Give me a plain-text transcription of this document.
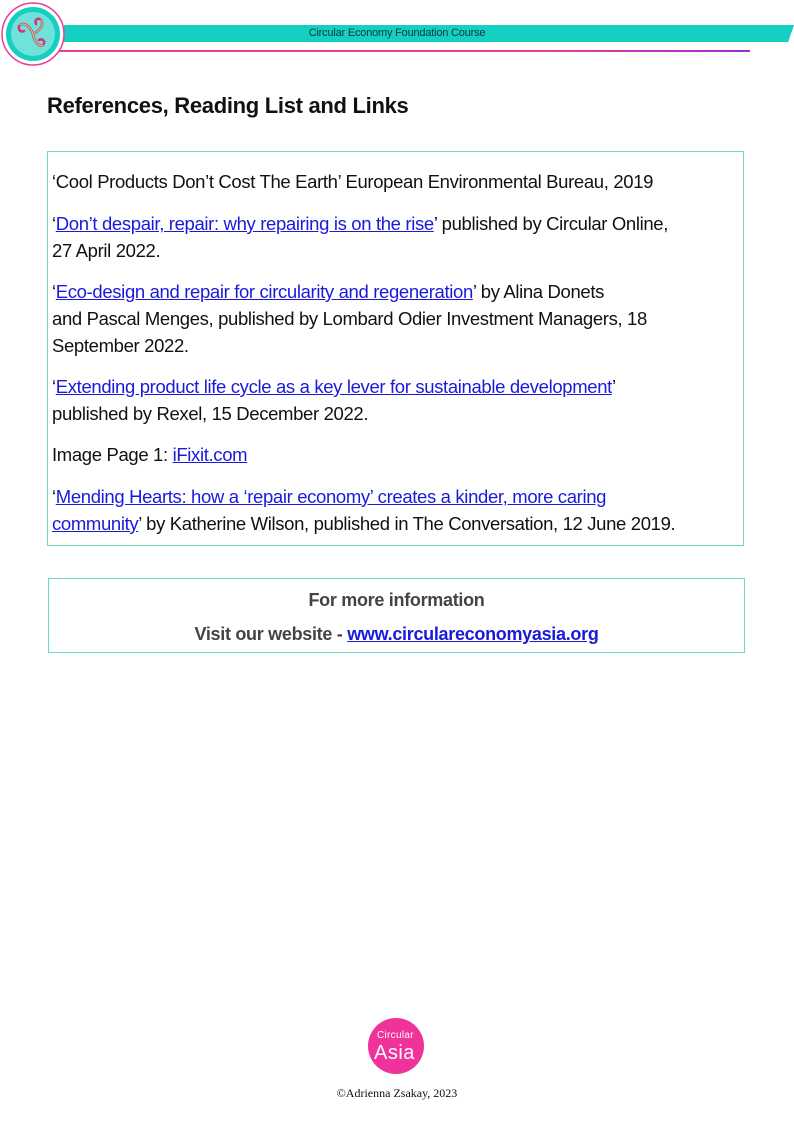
Circular Economy Foundation Course
References, Reading List and Links

‘Cool Products Don’t Cost The Earth’ European Environmental Bureau, 2019

‘Don’t despair, repair: why repairing is on the rise’ published by Circular Online,
27 April 2022.

‘Eco-design and repair for circularity and regeneration’ by Alina Donets
and Pascal Menges, published by Lombard Odier Investment Managers, 18
September 2022.

‘Extending product life cycle as a key lever for sustainable development’
published by Rexel, 15 December 2022.

Image Page 1: iFixit.com

‘Mending Hearts: how a ‘repair economy’ creates a kinder, more caring
community’ by Katherine Wilson, published in The Conversation, 12 June 2019.

For more information
Visit our website - www.circulareconomyasia.org
Circular
Asia
©Adrienna Zsakay, 2023
